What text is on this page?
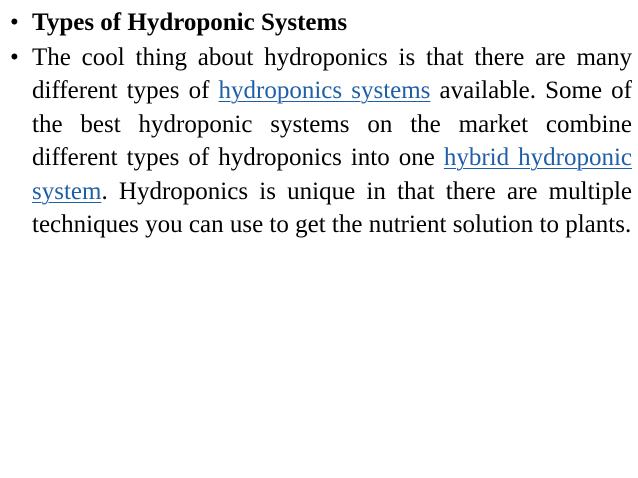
• Types of Hydroponic Systems
• The cool thing about hydroponics is that there are many different types of hydroponics systems available. Some of the best hydroponic systems on the market combine different types of hydroponics into one hybrid hydroponic system. Hydroponics is unique in that there are multiple techniques you can use to get the nutrient solution to plants.
